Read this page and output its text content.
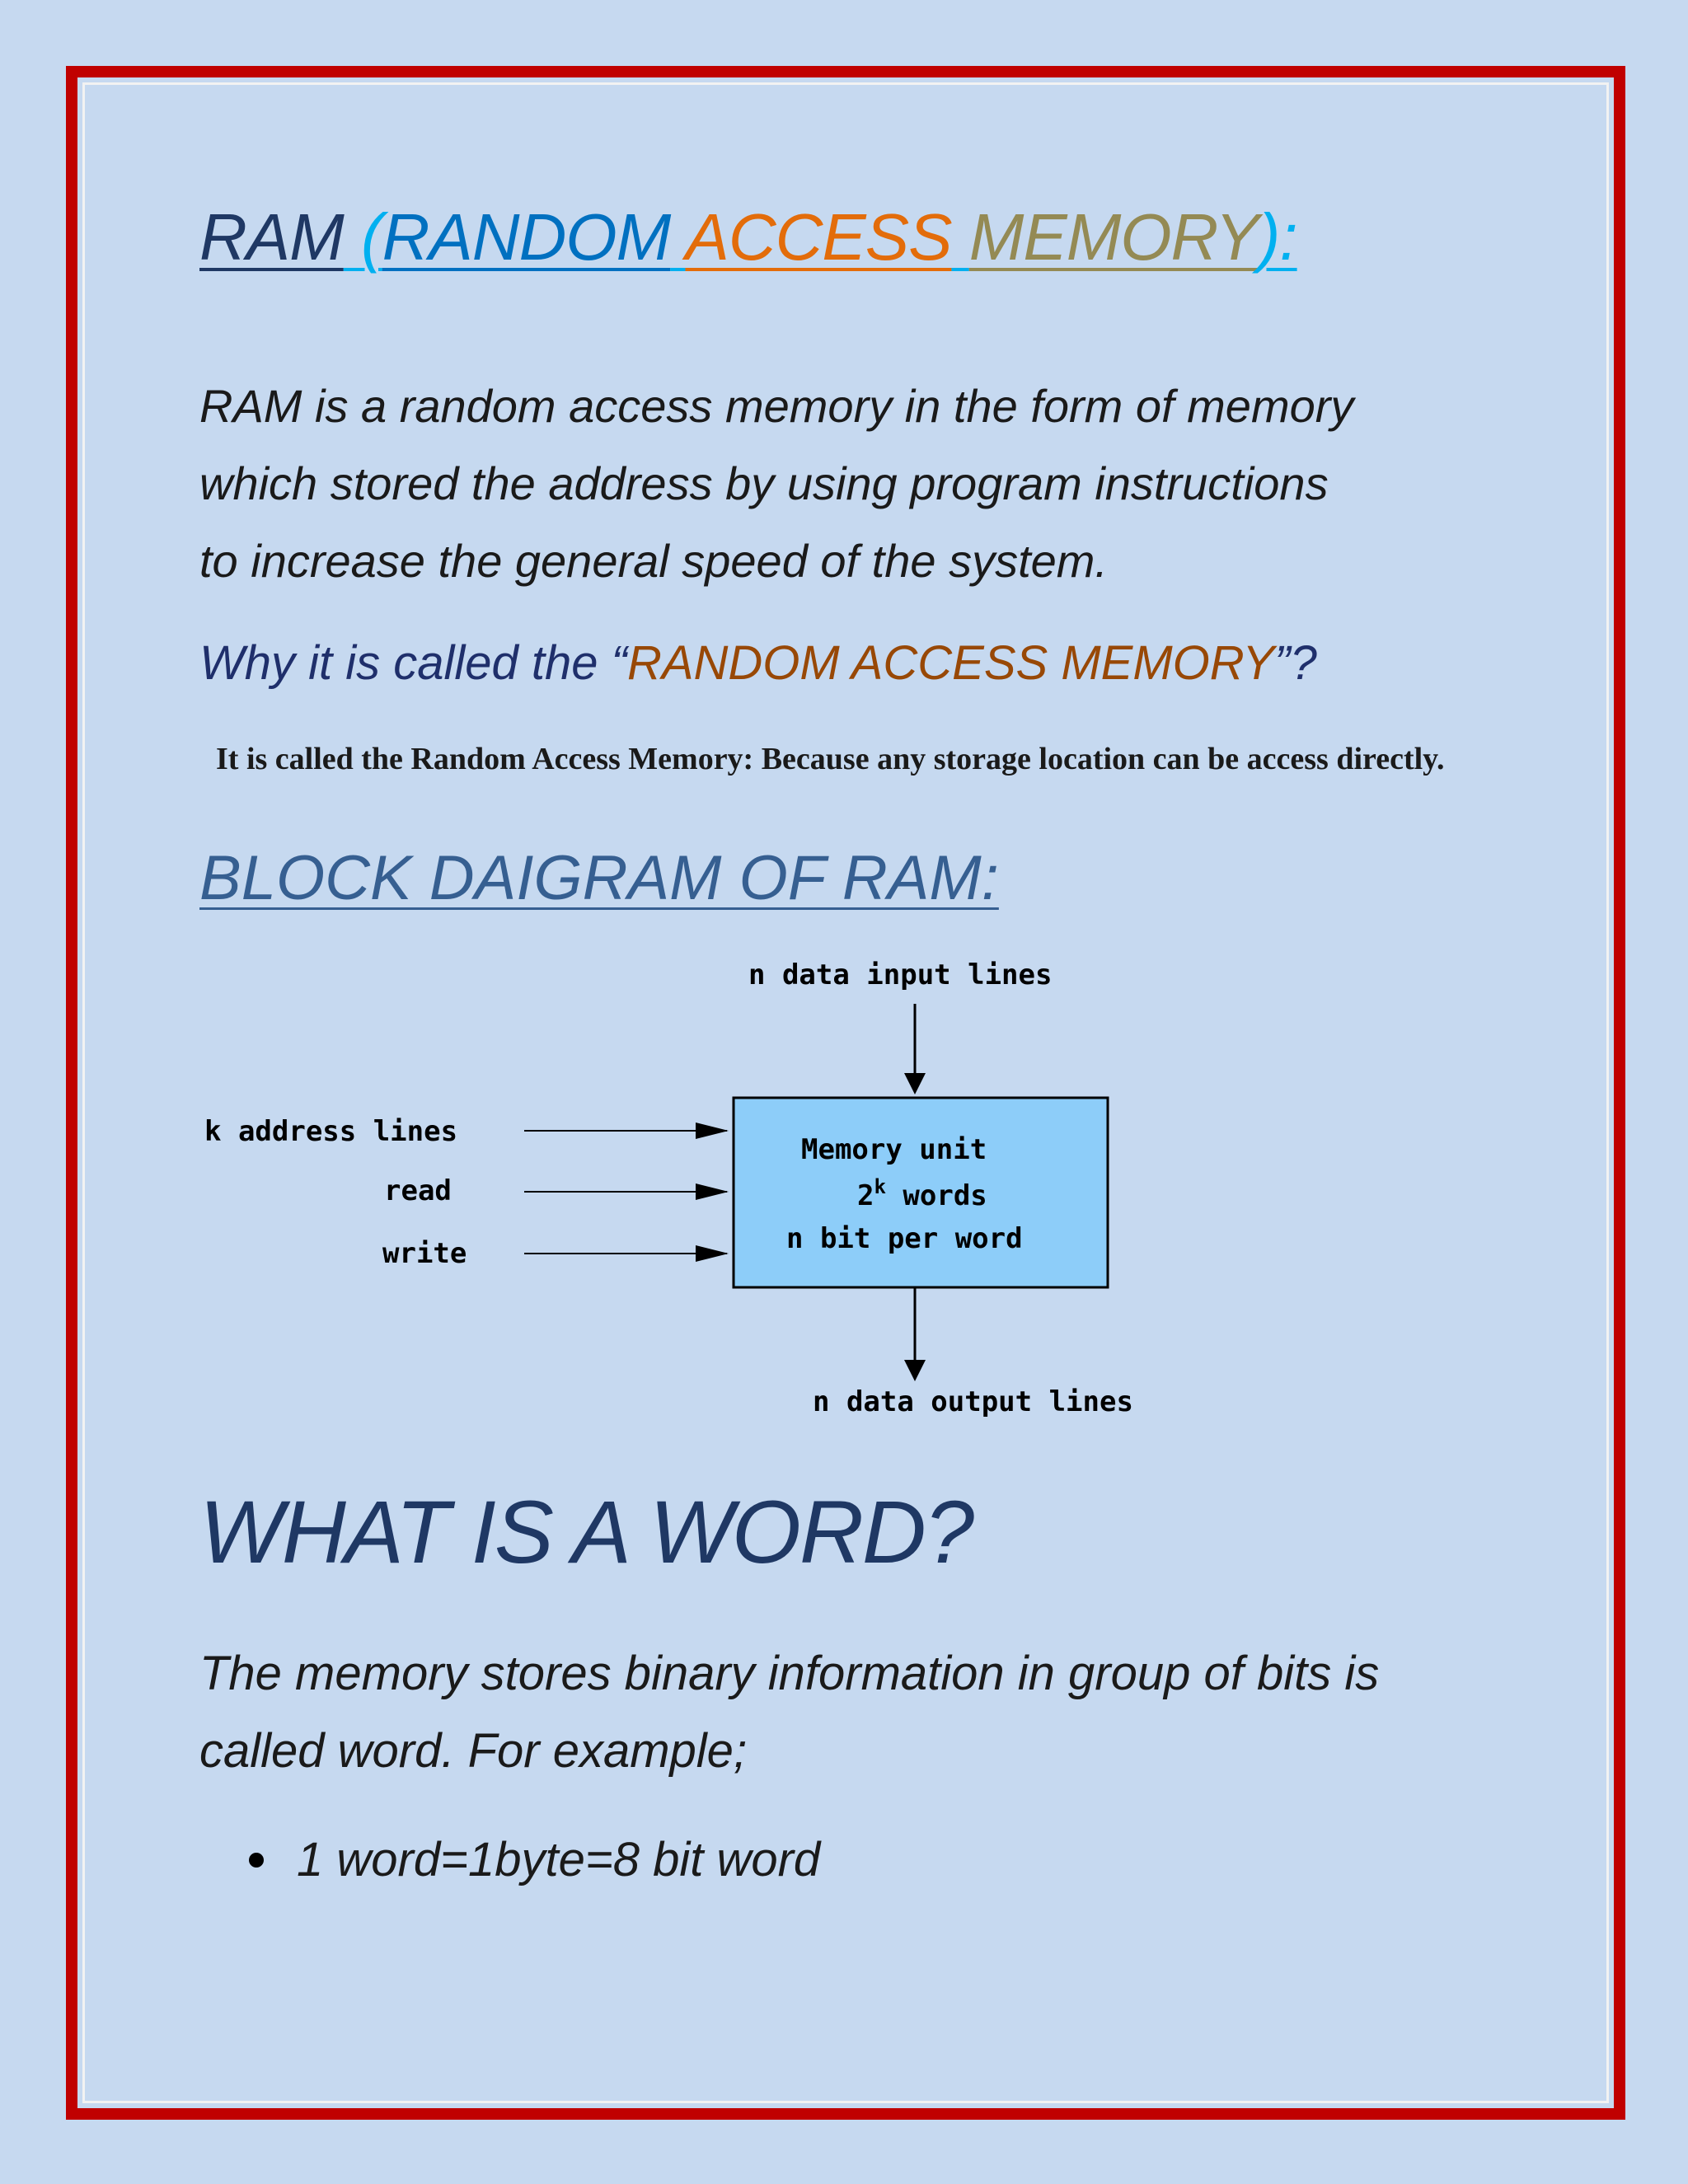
RAM (RANDOM ACCESS MEMORY):

RAM is a random access memory in the form of memory

which stored the address by using program instructions

to increase the general speed of the system.

Why it is called the “RANDOM ACCESS MEMORY”?

It is called the Random Access Memory: Because any storage location can be access directly.

BLOCK DAIGRAM OF RAM:
n data input lines
Memory unit
2$^k$ words
n bit per word
k address lines
read
write
n data output lines
WHAT IS A WORD?

The memory stores binary information in group of bits is

called word. For example;

1 word=1byte=8 bit word
